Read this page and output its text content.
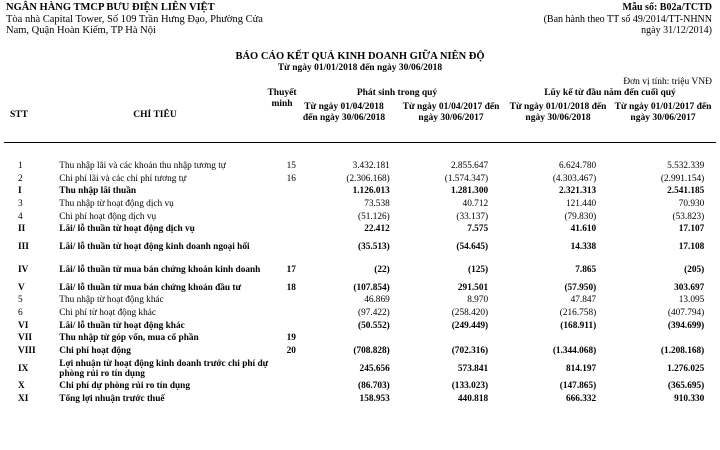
NGÂN HÀNG TMCP BƯU ĐIỆN LIÊN VIỆT
Tòa nhà Capital Tower, Số 109 Trần Hưng Đạo, Phường Cửa
Nam, Quận Hoàn Kiếm, TP Hà Nội
Mẫu số: B02a/TCTD
(Ban hành theo TT số 49/2014/TT-NHNN
ngày 31/12/2014)
BÁO CÁO KẾT QUẢ KINH DOANH GIỮA NIÊN ĐỘ
Từ ngày 01/01/2018 đến ngày 30/06/2018
Đơn vị tính: triệu VNĐ
STT	CHỈ TIÊU
Thuyết minh
Phát sinh trong quý	Lũy kế từ đầu năm đến cuối quý
Từ ngày 01/04/2018 đến ngày 30/06/2018
Từ ngày 01/04/2017 đến ngày 30/06/2017
Từ ngày 01/01/2018 đến ngày 30/06/2018
Từ ngày 01/01/2017 đến ngày 30/06/2017
1	Thu nhập lãi và các khoản thu nhập tương tự	15	3.432.181	2.855.647	6.624.780	5.532.339	
2	Chi phí lãi và các chi phí tương tự	16	(2.306.168)	(1.574.347)	(4.303.467)	(2.991.154)	
I	Thu nhập lãi thuần		1.126.013	1.281.300	2.321.313	2.541.185	
3	Thu nhập từ hoạt động dịch vụ		73.538	40.712	121.440	70.930	
4	Chi phí hoạt động dịch vụ		(51.126)	(33.137)	(79.830)	(53.823)	
II	Lãi/ lỗ thuần từ hoạt động dịch vụ		22.412	7.575	41.610	17.107	
III	Lãi/ lỗ thuần từ hoạt động kinh doanh ngoại hối		(35.513)	(54.645)	14.338	17.108	
IV	Lãi/ lỗ thuần từ mua bán chứng khoán kinh doanh	17	(22)	(125)	7.865	(205)	
V	Lãi/ lỗ thuần từ mua bán chứng khoán đầu tư	18	(107.854)	291.501	(57.950)	303.697	
5	Thu nhập từ hoạt động khác		46.869	8.970	47.847	13.095	
6	Chi phí từ hoạt động khác		(97.422)	(258.420)	(216.758)	(407.794)	
VI	Lãi/ lỗ thuần từ hoạt động khác		(50.552)	(249.449)	(168.911)	(394.699)	
VII	Thu nhập từ góp vốn, mua cổ phần	19					
VIII	Chi phí hoạt động	20	(708.828)	(702.316)	(1.344.068)	(1.208.168)	
IX	Lợi nhuận từ hoạt động kinh doanh trước chi phí dự phòng rủi ro tín dụng		245.656	573.841	814.197	1.276.025	
X	Chi phí dự phòng rủi ro tín dụng		(86.703)	(133.023)	(147.865)	(365.695)	
XI	Tổng lợi nhuận trước thuế		158.953	440.818	666.332	910.330	
